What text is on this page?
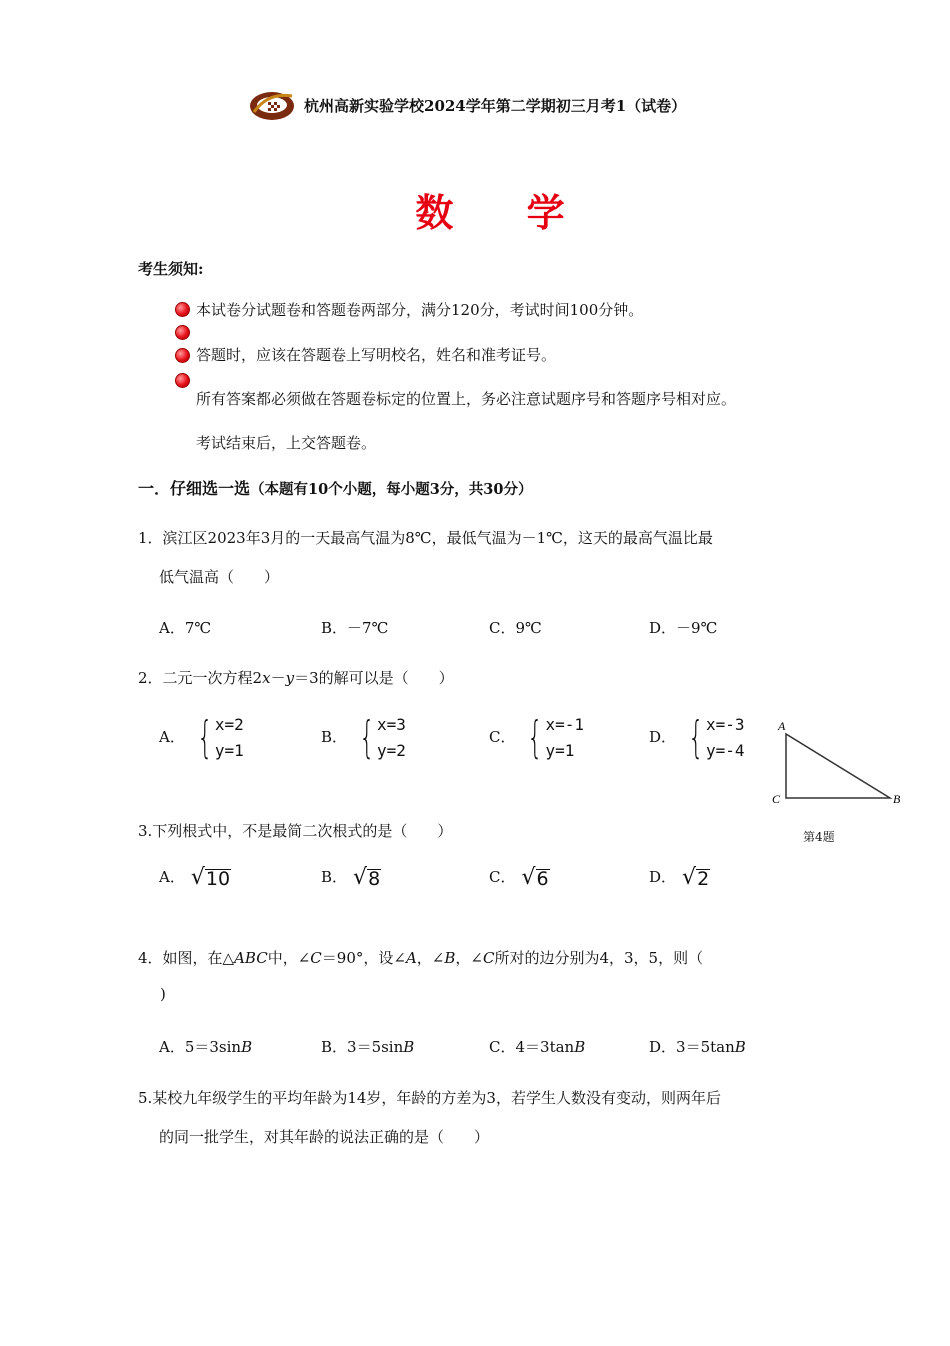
杭州高新实验学校2024学年第二学期初三月考1（试卷）
数 学
考生须知:
本试卷分试题卷和答题卷两部分，满分120分，考试时间100分钟。
答题时，应该在答题卷上写明校名，姓名和准考证号。
所有答案都必须做在答题卷标定的位置上，务必注意试题序号和答题序号相对应。
考试结束后，上交答题卷。
一．仔细选一选（本题有10个小题，每小题3分，共30分）
1．滨江区2023年3月的一天最高气温为8℃，最低气温为－1℃，这天的最高气温比最
低气温高（　　）
A．7℃	B．－7℃	C．9℃	D．－9℃
2．二元一次方程2x－y＝3的解可以是（　　）
A． { x=2
y=1
B． { x=3
y=2
C． { x=-1
y=1
D． { x=-3
y=-4
A
B
C
第4题
3.下列根式中，不是最简二次根式的是（　　）
A． √ 10	B． √ 8	C． √ 6	D． √ 2
4．如图，在△ABC中，∠C＝90°，设∠A，∠B，∠C所对的边分别为4，3，5，则（
)
A．5＝3sinB	B．3＝5sinB	C．4＝3tanB	D．3＝5tanB
5.某校九年级学生的平均年龄为14岁，年龄的方差为3，若学生人数没有变动，则两年后
的同一批学生，对其年龄的说法正确的是（　　）
